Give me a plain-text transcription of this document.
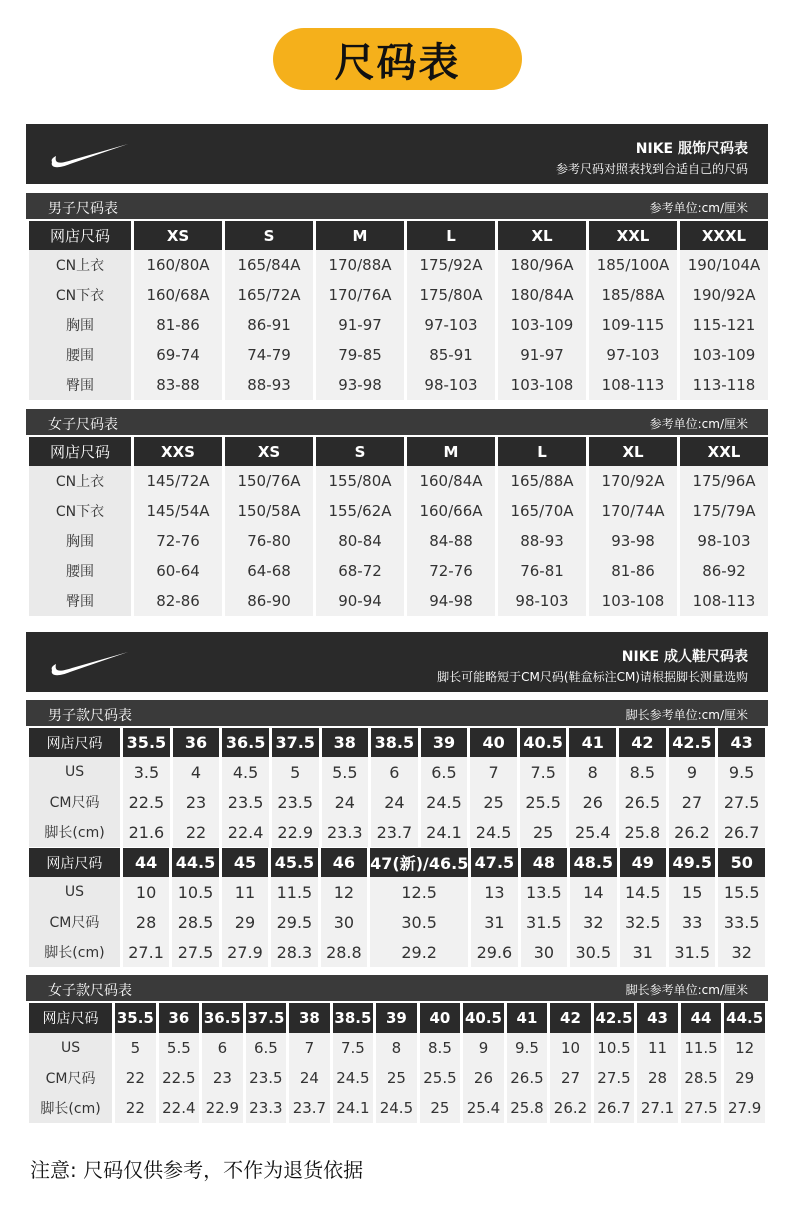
尺码表
NIKE 服饰尺码表
参考尺码对照表找到合适自己的尺码
男子尺码表	参考单位:cm/厘米
网店尺码	XS	S	M	L	XL	XXL	XXXL
CN上衣	160/80A	165/84A	170/88A	175/92A	180/96A	185/100A	190/104A
CN下衣	160/68A	165/72A	170/76A	175/80A	180/84A	185/88A	190/92A
胸围	81-86	86-91	91-97	97-103	103-109	109-115	115-121
腰围	69-74	74-79	79-85	85-91	91-97	97-103	103-109
臀围	83-88	88-93	93-98	98-103	103-108	108-113	113-118
女子尺码表	参考单位:cm/厘米
网店尺码	XXS	XS	S	M	L	XL	XXL
CN上衣	145/72A	150/76A	155/80A	160/84A	165/88A	170/92A	175/96A
CN下衣	145/54A	150/58A	155/62A	160/66A	165/70A	170/74A	175/79A
胸围	72-76	76-80	80-84	84-88	88-93	93-98	98-103
腰围	60-64	64-68	68-72	72-76	76-81	81-86	86-92
臀围	82-86	86-90	90-94	94-98	98-103	103-108	108-113
NIKE 成人鞋尺码表
脚长可能略短于CM尺码(鞋盒标注CM)请根据脚长测量选购
男子款尺码表	脚长参考单位:cm/厘米
网店尺码	35.5	36	36.5	37.5	38	38.5	39	40	40.5	41	42	42.5	43
US	3.5	4	4.5	5	5.5	6	6.5	7	7.5	8	8.5	9	9.5
CM尺码	22.5	23	23.5	23.5	24	24	24.5	25	25.5	26	26.5	27	27.5
脚长(cm)	21.6	22	22.4	22.9	23.3	23.7	24.1	24.5	25	25.4	25.8	26.2	26.7
网店尺码	44	44.5	45	45.5	46	47(新)/46.5	47.5	48	48.5	49	49.5	50
US	10	10.5	11	11.5	12	12.5	13	13.5	14	14.5	15	15.5
CM尺码	28	28.5	29	29.5	30	30.5	31	31.5	32	32.5	33	33.5
脚长(cm)	27.1	27.5	27.9	28.3	28.8	29.2	29.6	30	30.5	31	31.5	32
女子款尺码表	脚长参考单位:cm/厘米
网店尺码	35.5	36	36.5	37.5	38	38.5	39	40	40.5	41	42	42.5	43	44	44.5
US	5	5.5	6	6.5	7	7.5	8	8.5	9	9.5	10	10.5	11	11.5	12
CM尺码	22	22.5	23	23.5	24	24.5	25	25.5	26	26.5	27	27.5	28	28.5	29
脚长(cm)	22	22.4	22.9	23.3	23.7	24.1	24.5	25	25.4	25.8	26.2	26.7	27.1	27.5	27.9
注意: 尺码仅供参考，不作为退货依据
